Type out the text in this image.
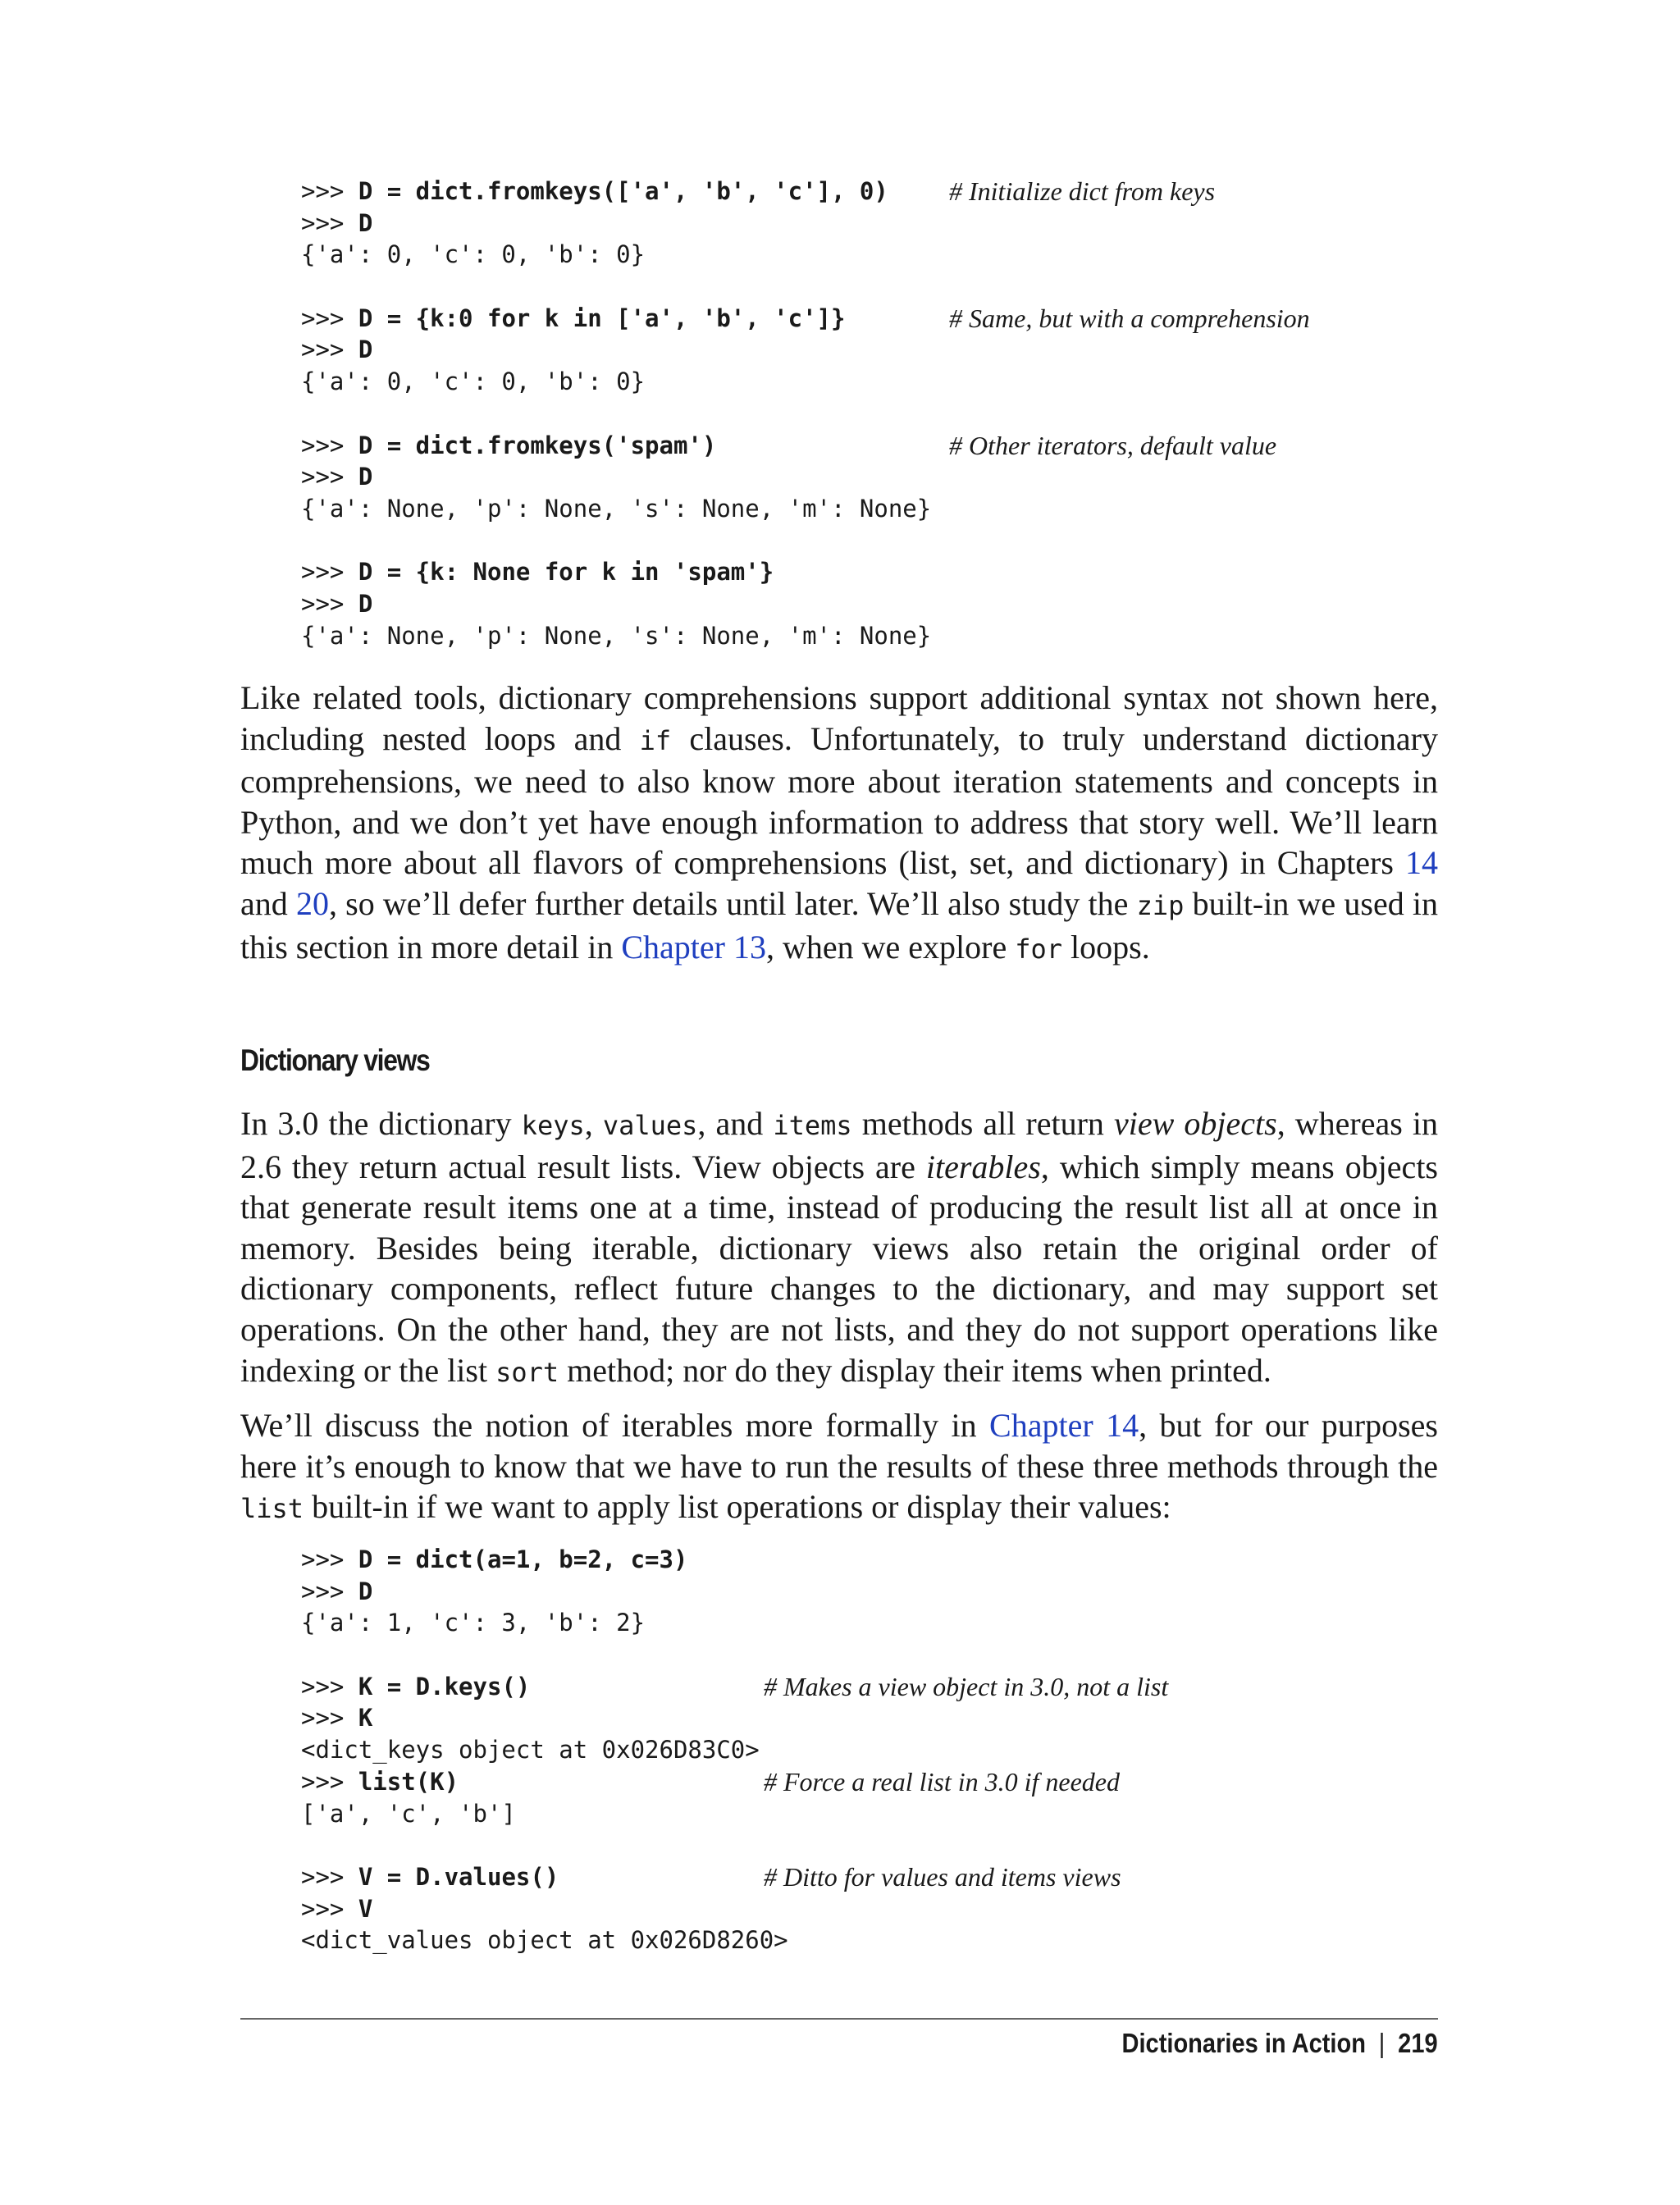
>>> D = dict.fromkeys(['a', 'b', 'c'], 0) # Initialize dict from keys
>>> D
{'a': 0, 'c': 0, 'b': 0}
>>> D = {k:0 for k in ['a', 'b', 'c']}	# Same, but with a comprehension
>>> D
{'a': 0, 'c': 0, 'b': 0}
>>> D = dict.fromkeys('spam')	# Other iterators, default value
>>> D
{'a': None, 'p': None, 's': None, 'm': None}
>>> D = {k: None for k in 'spam'}
>>> D
{'a': None, 'p': None, 's': None, 'm': None}

Like related tools, dictionary comprehensions support additional syntax not shown here, including nested loops and if clauses. Unfortunately, to truly understand dictionary comprehensions, we need to also know more about iteration statements and concepts in Python, and we don’t yet have enough information to address that story well. We’ll learn much more about all flavors of comprehensions (list, set, and dictionary) in Chapters 14 and 20, so we’ll defer further details until later. We’ll also study the zip built-in we used in this section in more detail in Chapter 13, when we explore for loops.

Dictionary views

In 3.0 the dictionary keys, values, and items methods all return view objects, whereas in 2.6 they return actual result lists. View objects are iterables, which simply means objects that generate result items one at a time, instead of producing the result list all at once in memory. Besides being iterable, dictionary views also retain the original order of dictionary components, reflect future changes to the dictionary, and may support set operations. On the other hand, they are not lists, and they do not support operations like indexing or the list sort method; nor do they display their items when printed.

We’ll discuss the notion of iterables more formally in Chapter 14, but for our purposes here it’s enough to know that we have to run the results of these three methods through the list built-in if we want to apply list operations or display their values:

>>> D = dict(a=1, b=2, c=3)
>>> D
{'a': 1, 'c': 3, 'b': 2}
>>> K = D.keys()	# Makes a view object in 3.0, not a list
>>> K
<dict_keys object at 0x026D83C0>
>>> list(K)	# Force a real list in 3.0 if needed
['a', 'c', 'b']
>>> V = D.values()	# Ditto for values and items views
>>> V
<dict_values object at 0x026D8260>
Dictionaries in Action | 219
